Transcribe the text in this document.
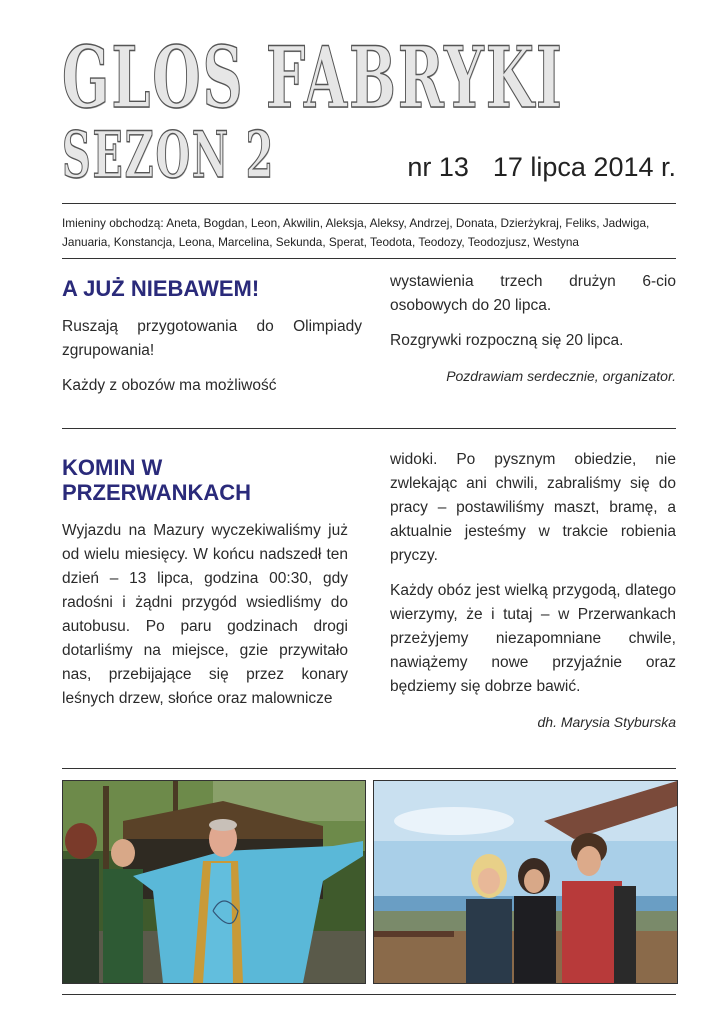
GLOS FABRYKI
SEZON 2	nr 13 17 lipca 2014 r.
Imieniny obchodzą: Aneta, Bogdan, Leon, Akwilin, Aleksja, Aleksy, Andrzej, Donata, Dzierżykraj, Feliks, Jadwiga, Januaria, Konstancja, Leona, Marcelina, Sekunda, Sperat, Teodota, Teodozy, Teodozjusz, Westyna
A JUŻ NIEBAWEM!

Ruszają przygotowania do Olimpiady zgrupowania!

Każdy z obozów ma możliwość

wystawienia trzech drużyn 6-cio osobowych do 20 lipca.

Rozgrywki rozpoczną się 20 lipca.

Pozdrawiam serdecznie, organizator.

KOMIN W PRZERWANKACH

Wyjazdu na Mazury wyczekiwaliśmy już od wielu miesięcy. W końcu nadszedł ten dzień – 13 lipca, godzina 00:30, gdy radośni i żądni przygód wsiedliśmy do autobusu. Po paru godzinach drogi dotarliśmy na miejsce, gzie przywitało nas, przebijające się przez konary leśnych drzew, słońce oraz malownicze

widoki. Po pysznym obiedzie, nie zwlekając ani chwili, zabraliśmy się do pracy – postawiliśmy maszt, bramę, a aktualnie jesteśmy w trakcie robienia pryczy.

Każdy obóz jest wielką przygodą, dlatego wierzymy, że i tutaj – w Przerwankach przeżyjemy niezapomniane chwile, nawiążemy nowe przyjaźnie oraz będziemy się dobrze bawić.

dh. Marysia Styburska
